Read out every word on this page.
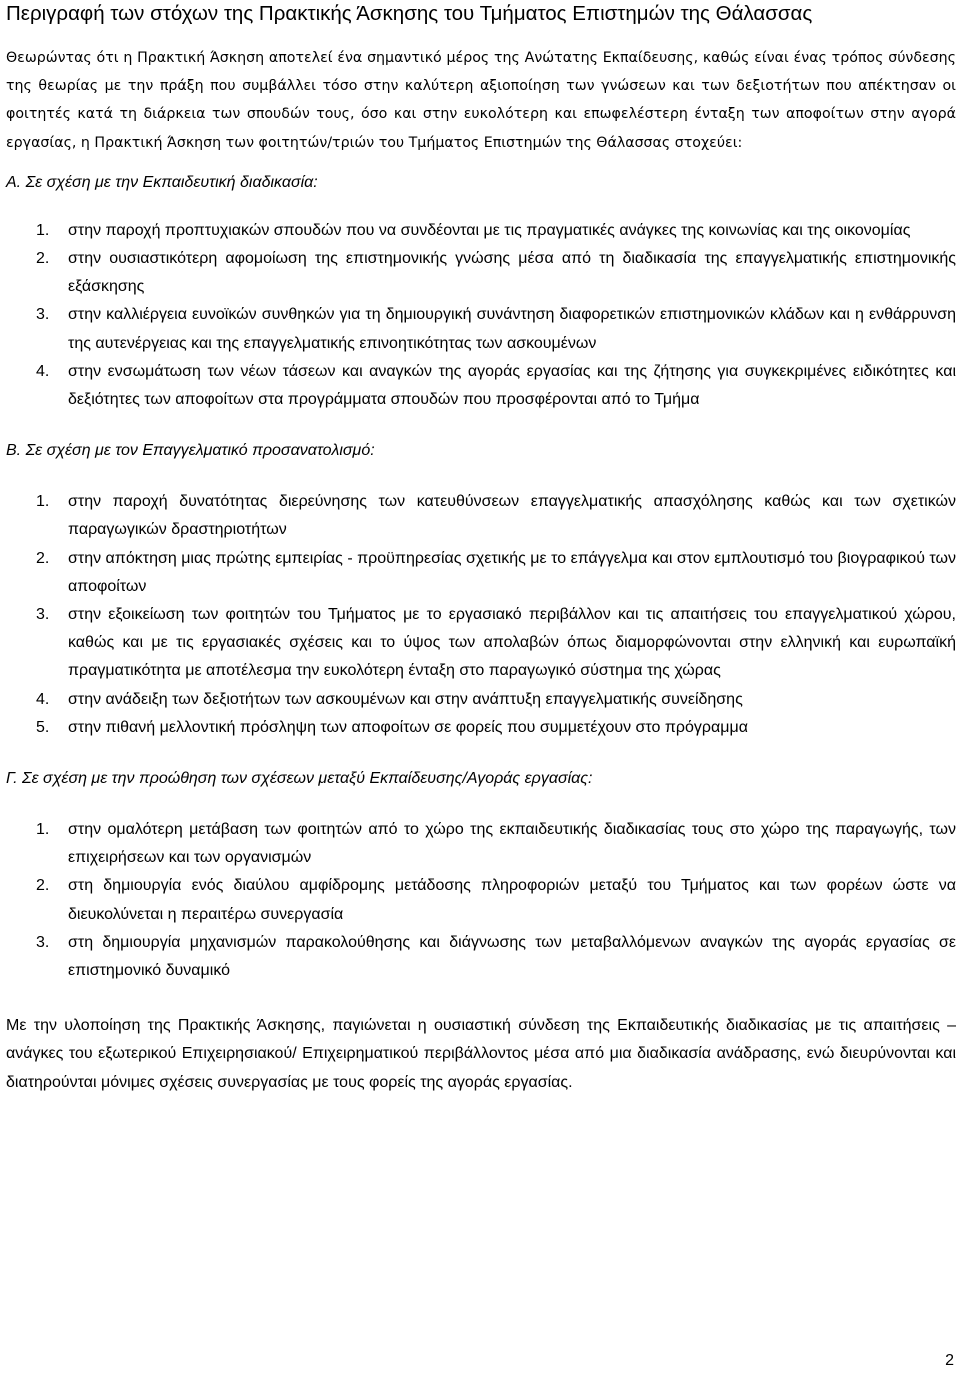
Περιγραφή των στόχων της Πρακτικής Άσκησης του Τμήματος Επιστημών της Θάλασσας

Θεωρώντας ότι η Πρακτική Άσκηση αποτελεί ένα σημαντικό μέρος της Ανώτατης Εκπαίδευσης, καθώς είναι ένας τρόπος σύνδεσης της θεωρίας με την πράξη που συμβάλλει τόσο στην καλύτερη αξιοποίηση των γνώσεων και των δεξιοτήτων που απέκτησαν οι φοιτητές κατά τη διάρκεια των σπουδών τους, όσο και στην ευκολότερη και επωφελέστερη ένταξη των αποφοίτων στην αγορά εργασίας, η Πρακτική Άσκηση των φοιτητών/τριών του Τμήματος Επιστημών της Θάλασσας στοχεύει:

Α. Σε σχέση με την Εκπαιδευτική διαδικασία:

1. στην παροχή προπτυχιακών σπουδών που να συνδέονται με τις πραγματικές ανάγκες της κοινωνίας και της οικονομίας
2. στην ουσιαστικότερη αφομοίωση της επιστημονικής γνώσης μέσα από τη διαδικασία της επαγγελματικής επιστημονικής εξάσκησης
3. στην καλλιέργεια ευνοϊκών συνθηκών για τη δημιουργική συνάντηση διαφορετικών επιστημονικών κλάδων και η ενθάρρυνση της αυτενέργειας και της επαγγελματικής επινοητικότητας των ασκουμένων
4. στην ενσωμάτωση των νέων τάσεων και αναγκών της αγοράς εργασίας και της ζήτησης για συγκεκριμένες ειδικότητες και δεξιότητες των αποφοίτων στα προγράμματα σπουδών που προσφέρονται από το Τμήμα

Β. Σε σχέση με τον Επαγγελματικό προσανατολισμό:

1. στην παροχή δυνατότητας διερεύνησης των κατευθύνσεων επαγγελματικής απασχόλησης καθώς και των σχετικών παραγωγικών δραστηριοτήτων
2. στην απόκτηση μιας πρώτης εμπειρίας - προϋπηρεσίας σχετικής με το επάγγελμα και στον εμπλουτισμό του βιογραφικού των αποφοίτων
3. στην εξοικείωση των φοιτητών του Τμήματος με το εργασιακό περιβάλλον και τις απαιτήσεις του επαγγελματικού χώρου, καθώς και με τις εργασιακές σχέσεις και το ύψος των απολαβών όπως διαμορφώνονται στην ελληνική και ευρωπαϊκή πραγματικότητα με αποτέλεσμα την ευκολότερη ένταξη στο παραγωγικό σύστημα της χώρας
4. στην ανάδειξη των δεξιοτήτων των ασκουμένων και στην ανάπτυξη επαγγελματικής συνείδησης
5. στην πιθανή μελλοντική πρόσληψη των αποφοίτων σε φορείς που συμμετέχουν στο πρόγραμμα

Γ. Σε σχέση με την προώθηση των σχέσεων μεταξύ Εκπαίδευσης/Αγοράς εργασίας:

1. στην ομαλότερη μετάβαση των φοιτητών από το χώρο της εκπαιδευτικής διαδικασίας τους στο χώρο της παραγωγής, των επιχειρήσεων και των οργανισμών
2. στη δημιουργία ενός διαύλου αμφίδρομης μετάδοσης πληροφοριών μεταξύ του Τμήματος και των φορέων ώστε να διευκολύνεται η περαιτέρω συνεργασία
3. στη δημιουργία μηχανισμών παρακολούθησης και διάγνωσης των μεταβαλλόμενων αναγκών της αγοράς εργασίας σε επιστημονικό δυναμικό

Με την υλοποίηση της Πρακτικής Άσκησης, παγιώνεται η ουσιαστική σύνδεση της Εκπαιδευτικής διαδικασίας με τις απαιτήσεις – ανάγκες του εξωτερικού Επιχειρησιακού/ Επιχειρηματικού περιβάλλοντος μέσα από μια διαδικασία ανάδρασης, ενώ διευρύνονται και διατηρούνται μόνιμες σχέσεις συνεργασίας με τους φορείς της αγοράς εργασίας.

2
